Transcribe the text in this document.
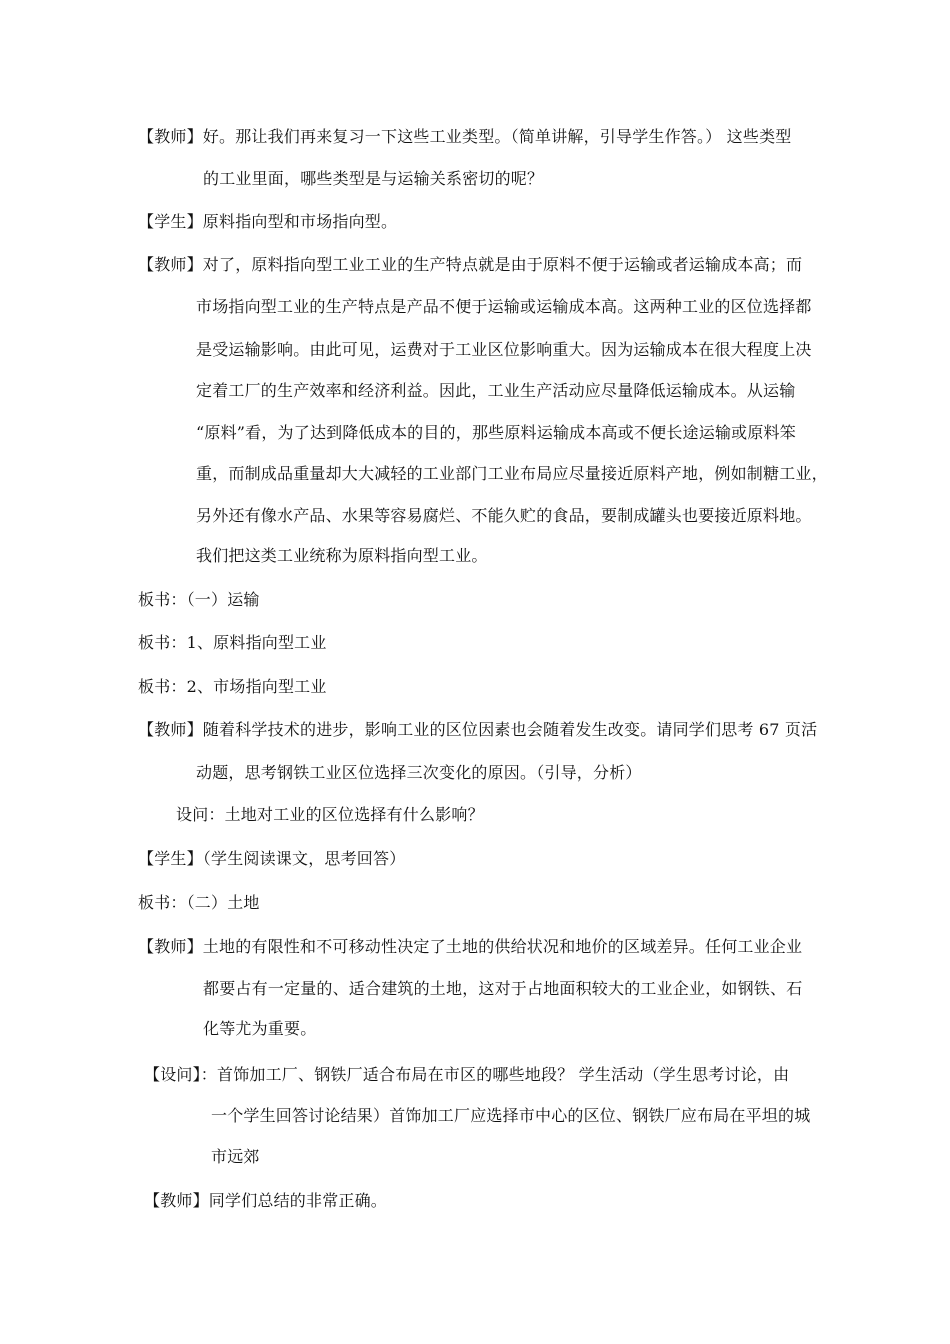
【教师】好。那让我们再来复习一下这些工业类型。（简单讲解，引导学生作答。） 这些类型
的工业里面，哪些类型是与运输关系密切的呢？
【学生】原料指向型和市场指向型。
【教师】对了，原料指向型工业工业的生产特点就是由于原料不便于运输或者运输成本高；而
市场指向型工业的生产特点是产品不便于运输或运输成本高。这两种工业的区位选择都
是受运输影响。由此可见，运费对于工业区位影响重大。因为运输成本在很大程度上决
定着工厂的生产效率和经济利益。因此，工业生产活动应尽量降低运输成本。从运输
“原料”看，为了达到降低成本的目的，那些原料运输成本高或不便长途运输或原料笨
重，而制成品重量却大大减轻的工业部门工业布局应尽量接近原料产地，例如制糖工业，
另外还有像水产品、水果等容易腐烂、不能久贮的食品，要制成罐头也要接近原料地。
我们把这类工业统称为原料指向型工业。
板书：（一）运输
板书：1、原料指向型工业
板书：2、市场指向型工业
【教师】随着科学技术的进步，影响工业的区位因素也会随着发生改变。请同学们思考 67 页活
动题，思考钢铁工业区位选择三次变化的原因。（引导，分析）
设问：土地对工业的区位选择有什么影响？
【学生】（学生阅读课文，思考回答）
板书：（二）土地
【教师】土地的有限性和不可移动性决定了土地的供给状况和地价的区域差异。任何工业企业
都要占有一定量的、适合建筑的土地，这对于占地面积较大的工业企业，如钢铁、石
化等尤为重要。
【设问】：首饰加工厂、钢铁厂适合布局在市区的哪些地段？ 学生活动（学生思考讨论，由
一个学生回答讨论结果）首饰加工厂应选择市中心的区位、钢铁厂应布局在平坦的城
市远郊
【教师】同学们总结的非常正确。
